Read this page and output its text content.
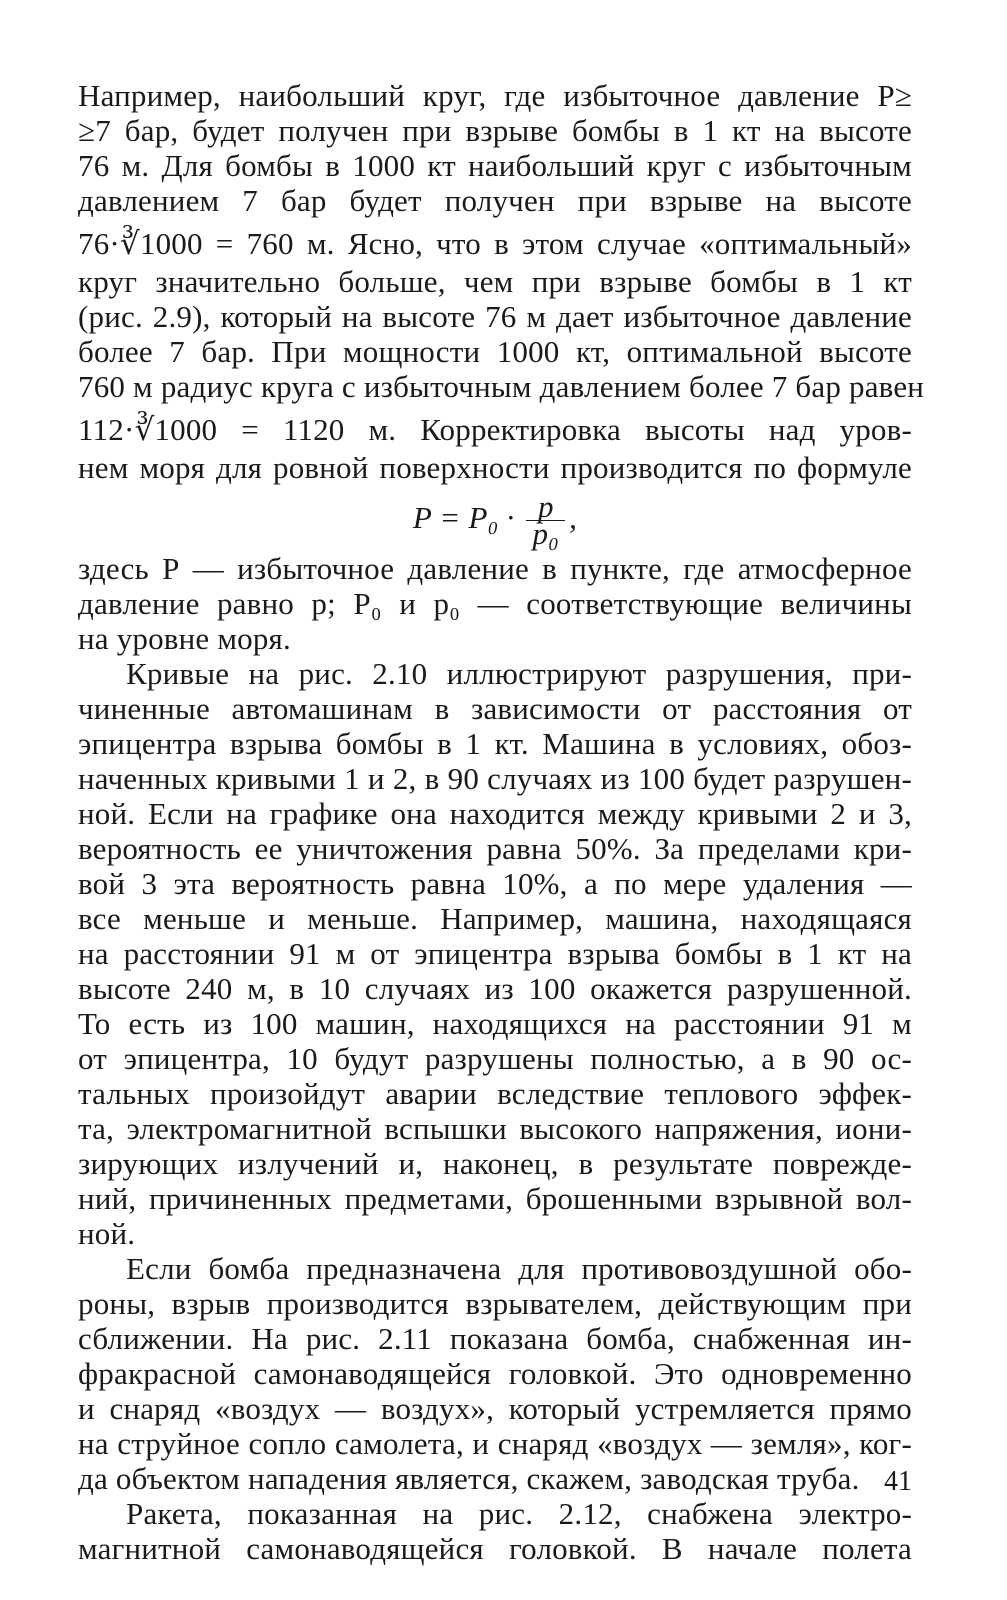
Например, наибольший круг, где избыточное давление Р≥
≥7 бар, будет получен при взрыве бомбы в 1 кт на высоте
76 м. Для бомбы в 1000 кт наибольший круг с избыточным
давлением 7 бар будет получен при взрыве на высоте
76·∛1000 = 760 м. Ясно, что в этом случае «оптимальный»
круг значительно больше, чем при взрыве бомбы в 1 кт
(рис. 2.9), который на высоте 76 м дает избыточное давление
более 7 бар. При мощности 1000 кт, оптимальной высоте
760 м радиус круга с избыточным давлением более 7 бар равен
112·∛1000 = 1120 м. Корректировка высоты над уров-
нем моря для ровной поверхности производится по формуле
$P = P_0 \cdot \frac{p}{\text{p₀}}$ ,
здесь Р — избыточное давление в пункте, где атмосферное
давление равно р; Р₀ и р₀ — соответствующие величины
на уровне моря.
Кривые на рис. 2.10 иллюстрируют разрушения, при-
чиненные автомашинам в зависимости от расстояния от
эпицентра взрыва бомбы в 1 кт. Машина в условиях, обоз-
наченных кривыми 1 и 2, в 90 случаях из 100 будет разрушен-
ной. Если на графике она находится между кривыми 2 и 3,
вероятность ее уничтожения равна 50%. За пределами кри-
вой 3 эта вероятность равна 10%, а по мере удаления —
все меньше и меньше. Например, машина, находящаяся
на расстоянии 91 м от эпицентра взрыва бомбы в 1 кт на
высоте 240 м, в 10 случаях из 100 окажется разрушенной.
То есть из 100 машин, находящихся на расстоянии 91 м
от эпицентра, 10 будут разрушены полностью, а в 90 ос-
тальных произойдут аварии вследствие теплового эффек-
та, электромагнитной вспышки высокого напряжения, иони-
зирующих излучений и, наконец, в результате поврежде-
ний, причиненных предметами, брошенными взрывной вол-
ной.
Если бомба предназначена для противовоздушной обо-
роны, взрыв производится взрывателем, действующим при
сближении. На рис. 2.11 показана бомба, снабженная ин-
фракрасной самонаводящейся головкой. Это одновременно
и снаряд «воздух — воздух», который устремляется прямо
на струйное сопло самолета, и снаряд «воздух — земля», ког-
да объектом нападения является, скажем, заводская труба.
Ракета, показанная на рис. 2.12, снабжена электро-
магнитной самонаводящейся головкой. В начале полета
41
